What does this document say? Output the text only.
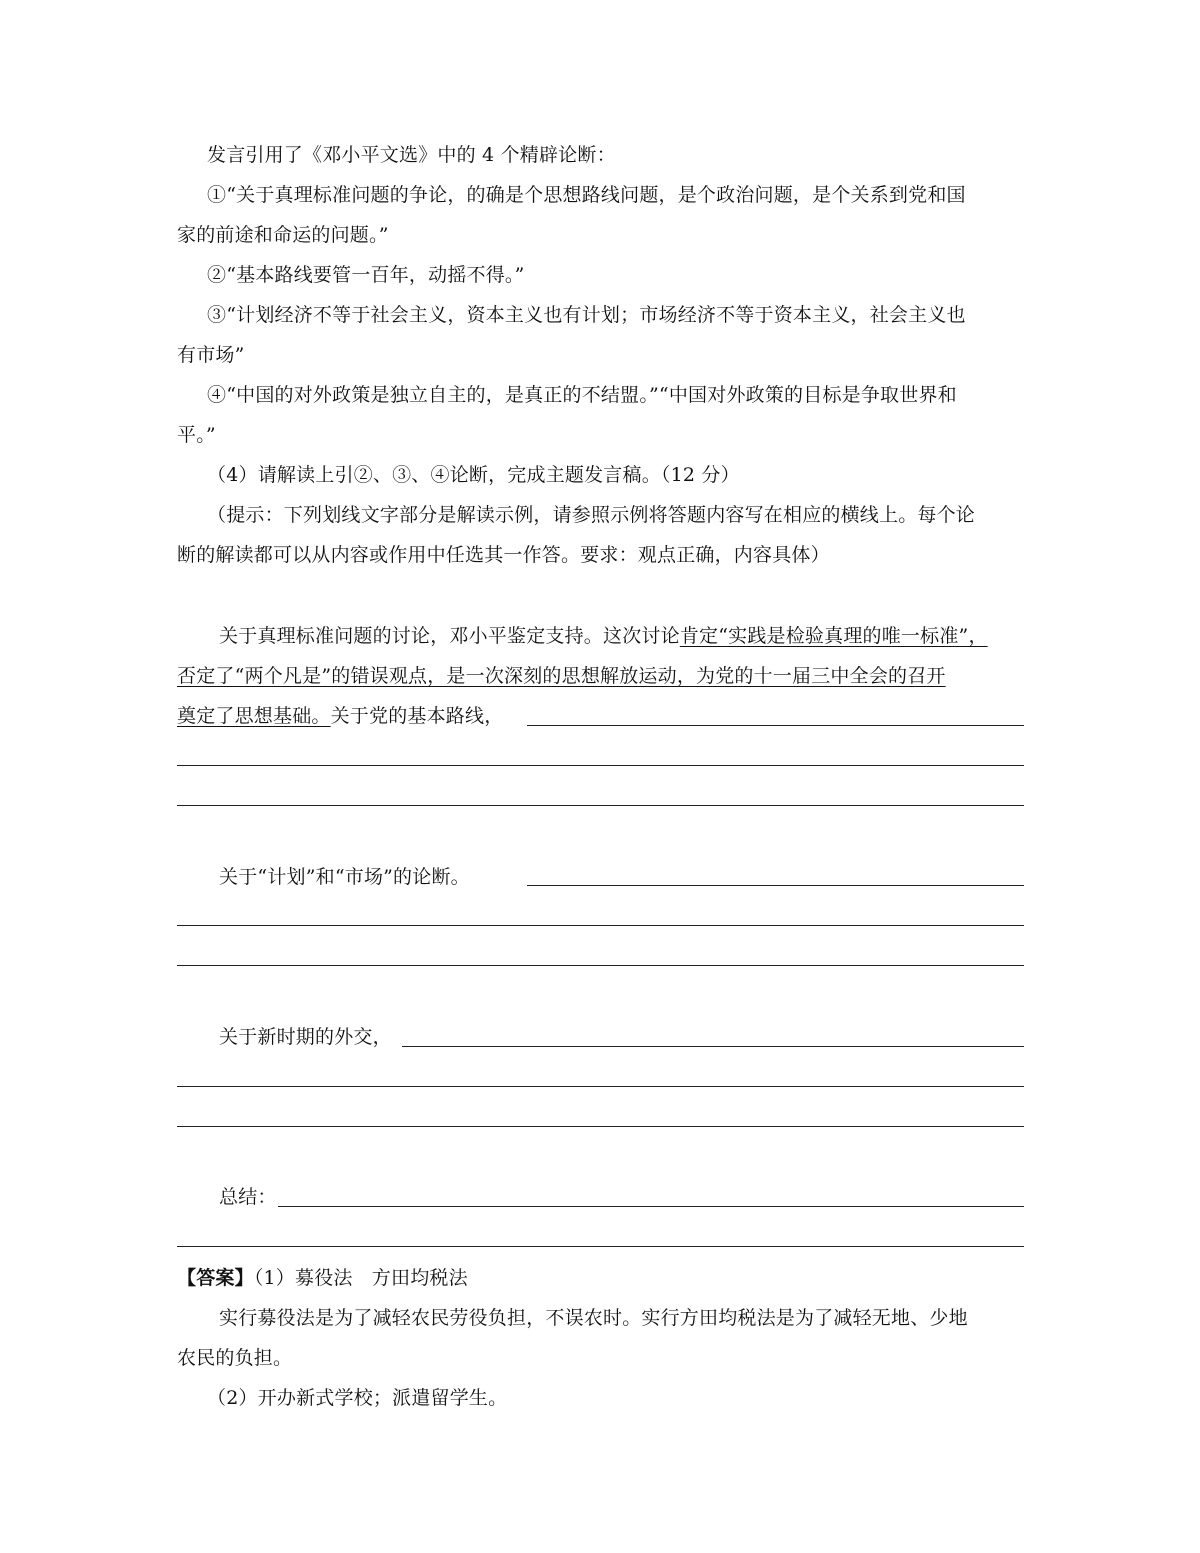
发言引用了《邓小平文选》中的 4 个精辟论断：
①“关于真理标准问题的争论，的确是个思想路线问题，是个政治问题，是个关系到党和国
家的前途和命运的问题。”
②“基本路线要管一百年，动摇不得。”
③“计划经济不等于社会主义，资本主义也有计划；市场经济不等于资本主义，社会主义也
有市场”
④“中国的对外政策是独立自主的，是真正的不结盟。”“中国对外政策的目标是争取世界和
平。”
（4）请解读上引②、③、④论断，完成主题发言稿。（12 分）
（提示：下列划线文字部分是解读示例，请参照示例将答题内容写在相应的横线上。每个论
断的解读都可以从内容或作用中任选其一作答。要求：观点正确，内容具体）
关于真理标准问题的讨论，邓小平鉴定支持。这次讨论肯定“实践是检验真理的唯一标准”，
否定了“两个凡是”的错误观点，是一次深刻的思想解放运动，为党的十一届三中全会的召开
奠定了思想基础。关于党的基本路线，
关于“计划”和“市场”的论断。
关于新时期的外交，
总结：
【答案】（1）募役法　方田均税法
实行募役法是为了减轻农民劳役负担，不误农时。实行方田均税法是为了减轻无地、少地
农民的负担。
（2）开办新式学校；派遣留学生。
